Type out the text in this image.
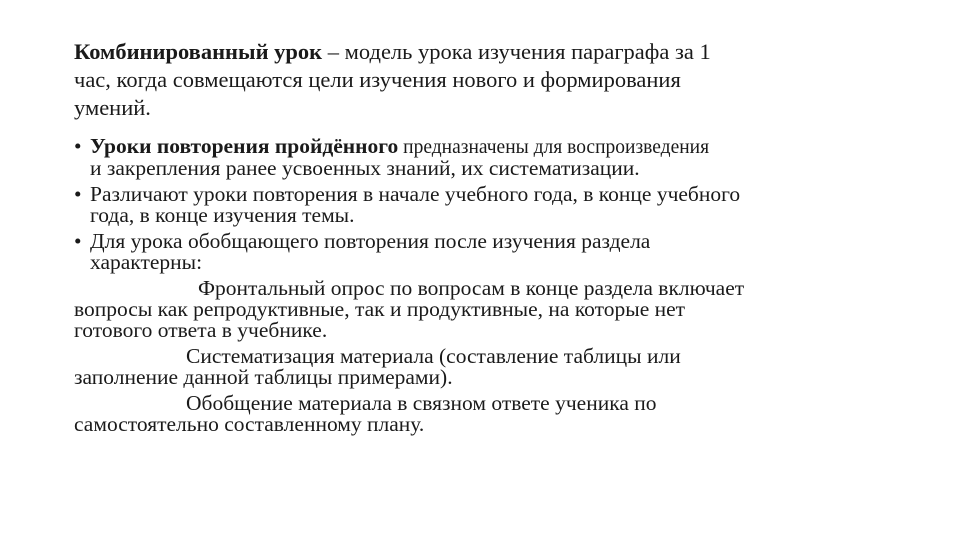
Комбинированный урок – модель урока изучения параграфа за 1
час, когда совмещаются цели изучения нового и формирования
умений.

• Уроки повторения пройдённого предназначены для воспроизведения
и закрепления ранее усвоенных знаний, их систематизации.
• Различают уроки повторения в начале учебного года, в конце учебного
года, в конце изучения темы.
• Для урока обобщающего повторения после изучения раздела
характерны:
Фронтальный опрос по вопросам в конце раздела включает
вопросы как репродуктивные, так и продуктивные, на которые нет
готового ответа в учебнике.
Систематизация материала (составление таблицы или
заполнение данной таблицы примерами).
Обобщение материала в связном ответе ученика по
самостоятельно составленному плану.
